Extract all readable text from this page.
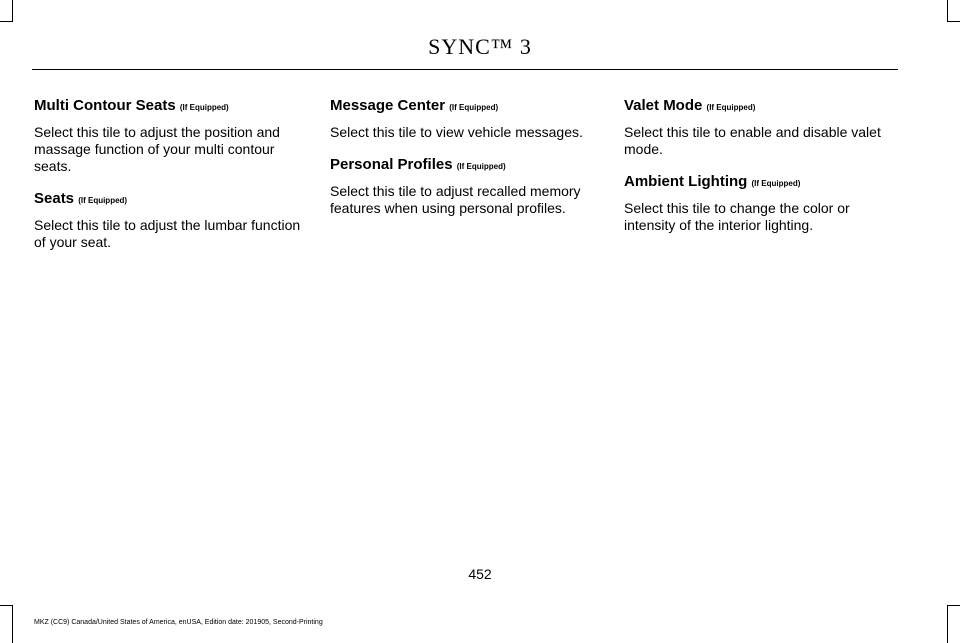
SYNC™ 3
Multi Contour Seats (If Equipped)

Select this tile to adjust the position and massage function of your multi contour seats.

Seats (If Equipped)

Select this tile to adjust the lumbar function of your seat.

Message Center (If Equipped)

Select this tile to view vehicle messages.

Personal Profiles (If Equipped)

Select this tile to adjust recalled memory features when using personal profiles.

Valet Mode (If Equipped)

Select this tile to enable and disable valet mode.

Ambient Lighting (If Equipped)

Select this tile to change the color or intensity of the interior lighting.

452
MKZ (CC9) Canada/United States of America, enUSA, Edition date: 201905, Second-Printing
